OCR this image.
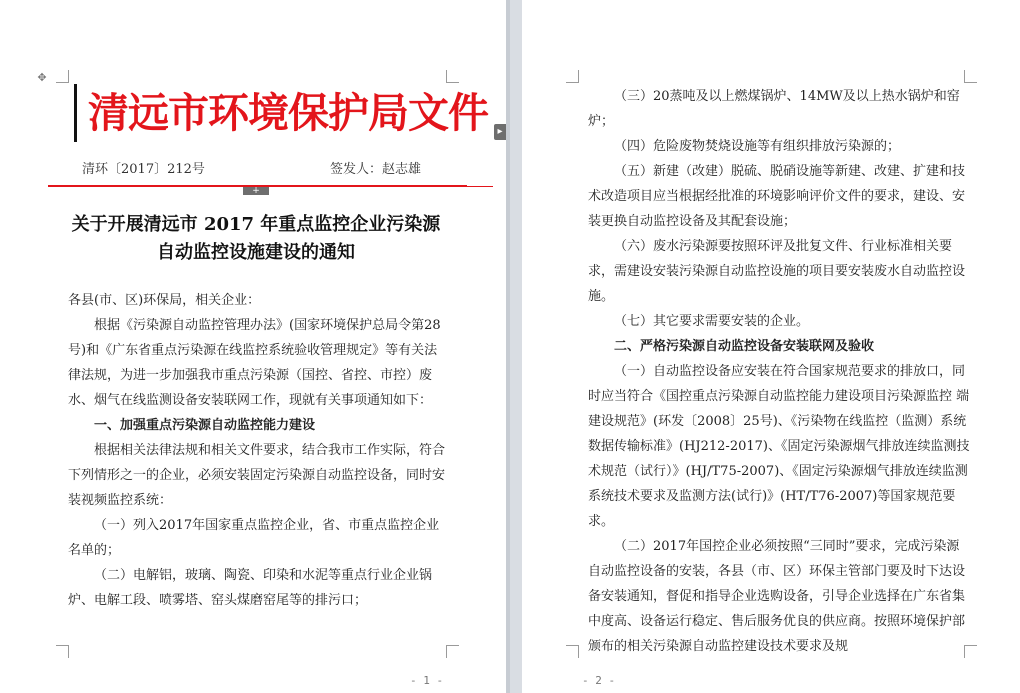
✥
▸
清远市环境保护局文件
清环〔2017〕212号	签发人：赵志雄
+
关于开展清远市 2017 年重点监控企业污染源
自动监控设施建设的通知
各县(市、区)环保局，相关企业：
根据《污染源自动监控管理办法》(国家环境保护总局令第28号)和《广东省重点污染源在线监控系统验收管理规定》等有关法律法规，为进一步加强我市重点污染源（国控、省控、市控）废水、烟气在线监测设备安装联网工作，现就有关事项通知如下：
一、加强重点污染源自动监控能力建设
根据相关法律法规和相关文件要求，结合我市工作实际，符合下列情形之一的企业，必须安装固定污染源自动监控设备，同时安装视频监控系统：
（一）列入2017年国家重点监控企业，省、市重点监控企业名单的；
（二）电解铝，玻璃、陶瓷、印染和水泥等重点行业企业锅炉、电解工段、喷雾塔、窑头煤磨窑尾等的排污口；
- 1 -	- 2 -
（三）20蒸吨及以上燃煤锅炉、14MW及以上热水锅炉和窑炉；
（四）危险废物焚烧设施等有组织排放污染源的；
（五）新建（改建）脱硫、脱硝设施等新建、改建、扩建和技术改造项目应当根据经批准的环境影响评价文件的要求，建设、安装更换自动监控设备及其配套设施；
（六）废水污染源要按照环评及批复文件、行业标准相关要求，需建设安装污染源自动监控设施的项目要安装废水自动监控设施。
（七）其它要求需要安装的企业。
二、严格污染源自动监控设备安装联网及验收
（一）自动监控设备应安装在符合国家规范要求的排放口，同时应当符合《国控重点污染源自动监控能力建设项目污染源监控 端建设规范》(环发〔2008〕25号)、《污染物在线监控（监测）系统数据传输标准》(HJ212-2017)、《固定污染源烟气排放连续监测技术规范（试行）》(HJ/T75-2007)、《固定污染源烟气排放连续监测系统技术要求及监测方法(试行)》(HT/T76-2007)等国家规范要求。
（二）2017年国控企业必须按照“三同时”要求，完成污染源自动监控设备的安装，各县（市、区）环保主管部门要及时下达设备安装通知，督促和指导企业选购设备，引导企业选择在广东省集中度高、设备运行稳定、售后服务优良的供应商。按照环境保护部颁布的相关污染源自动监控建设技术要求及规
